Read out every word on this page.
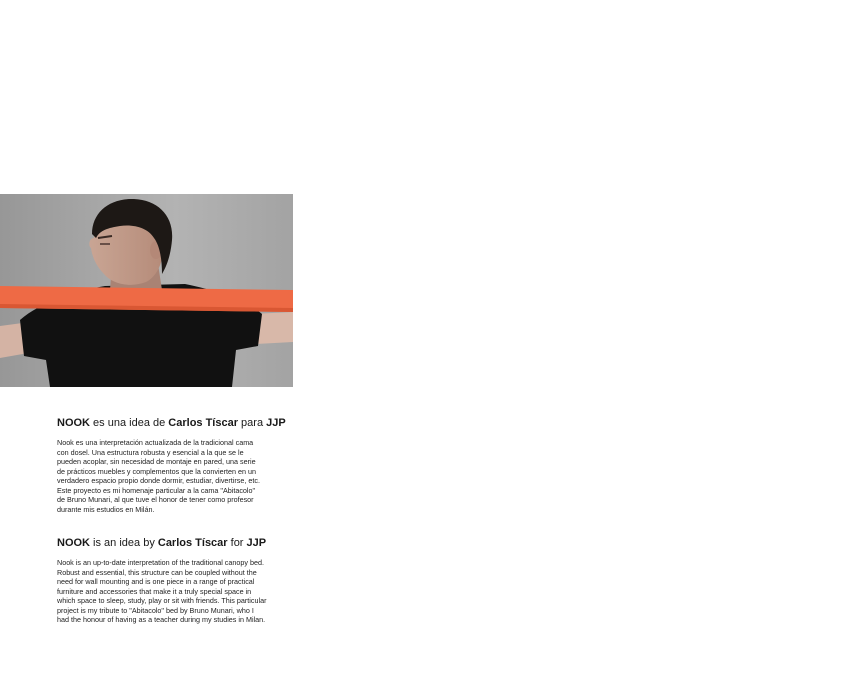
NOOK es una idea de Carlos Tíscar para JJP

Nook es una interpretación actualizada de la tradicional cama
con dosel. Una estructura robusta y esencial a la que se le
pueden acoplar, sin necesidad de montaje en pared, una serie
de prácticos muebles y complementos que la convierten en un
verdadero espacio propio donde dormir, estudiar, divertirse, etc.
Este proyecto es mi homenaje particular a la cama "Abitacolo"
de Bruno Munari, al que tuve el honor de tener como profesor
durante mis estudios en Milán.

NOOK is an idea by Carlos Tíscar for JJP

Nook is an up-to-date interpretation of the traditional canopy bed.
Robust and essential, this structure can be coupled without the
need for wall mounting and is one piece in a range of practical
furniture and accessories that make it a truly special space in
which space to sleep, study, play or sit with friends. This particular
project is my tribute to "Abitacolo" bed by Bruno Munari, who I
had the honour of having as a teacher during my studies in Milan.
